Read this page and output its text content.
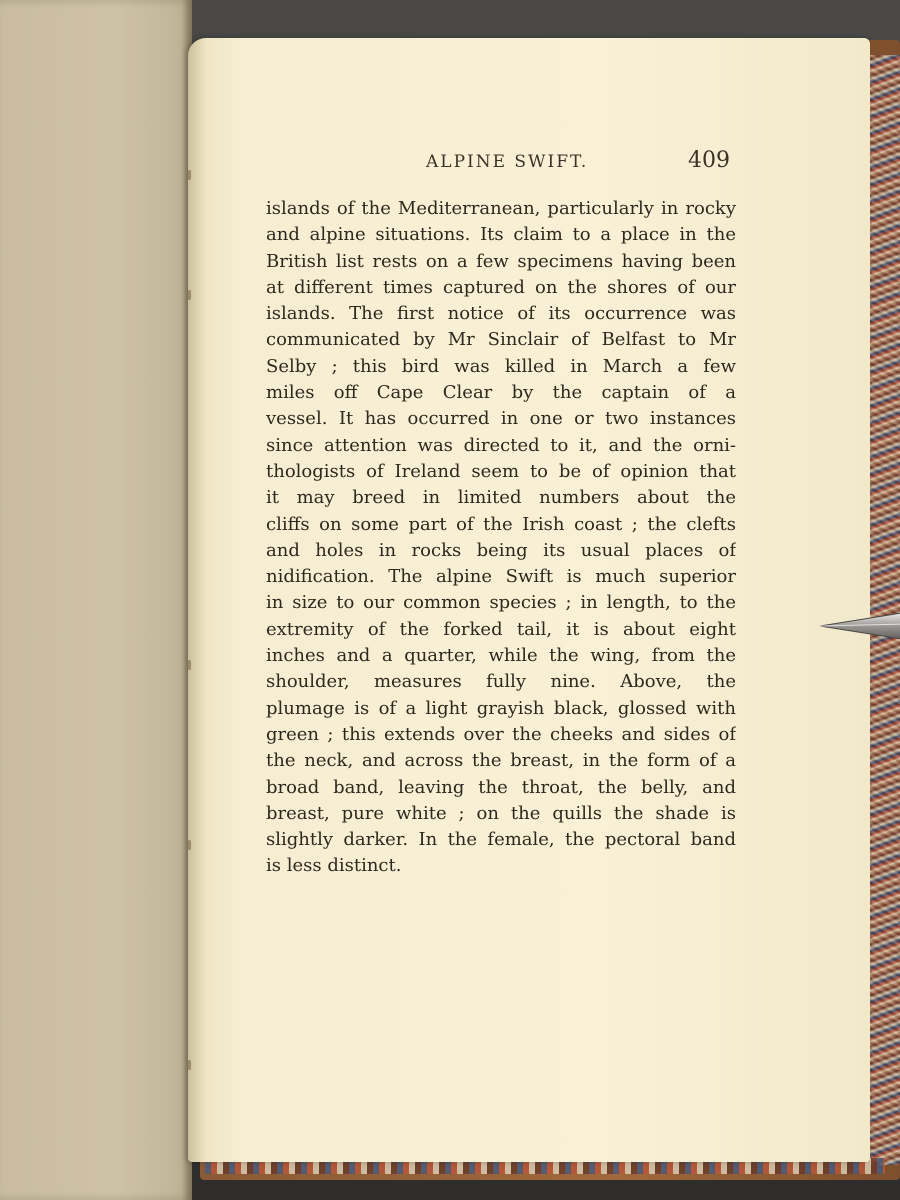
ALPINE SWIFT.	409
islands of the Mediterranean, particularly in rocky
and alpine situations. Its claim to a place in the
British list rests on a few specimens having been
at different times captured on the shores of our
islands. The first notice of its occurrence was
communicated by Mr Sinclair of Belfast to Mr
Selby ; this bird was killed in March a few
miles off Cape Clear by the captain of a
vessel. It has occurred in one or two instances
since attention was directed to it, and the orni-
thologists of Ireland seem to be of opinion that
it may breed in limited numbers about the
cliffs on some part of the Irish coast ; the clefts
and holes in rocks being its usual places of
nidification. The alpine Swift is much superior
in size to our common species ; in length, to the
extremity of the forked tail, it is about eight
inches and a quarter, while the wing, from the
shoulder, measures fully nine. Above, the
plumage is of a light grayish black, glossed with
green ; this extends over the cheeks and sides of
the neck, and across the breast, in the form of a
broad band, leaving the throat, the belly, and
breast, pure white ; on the quills the shade is
slightly darker. In the female, the pectoral band
is less distinct.
